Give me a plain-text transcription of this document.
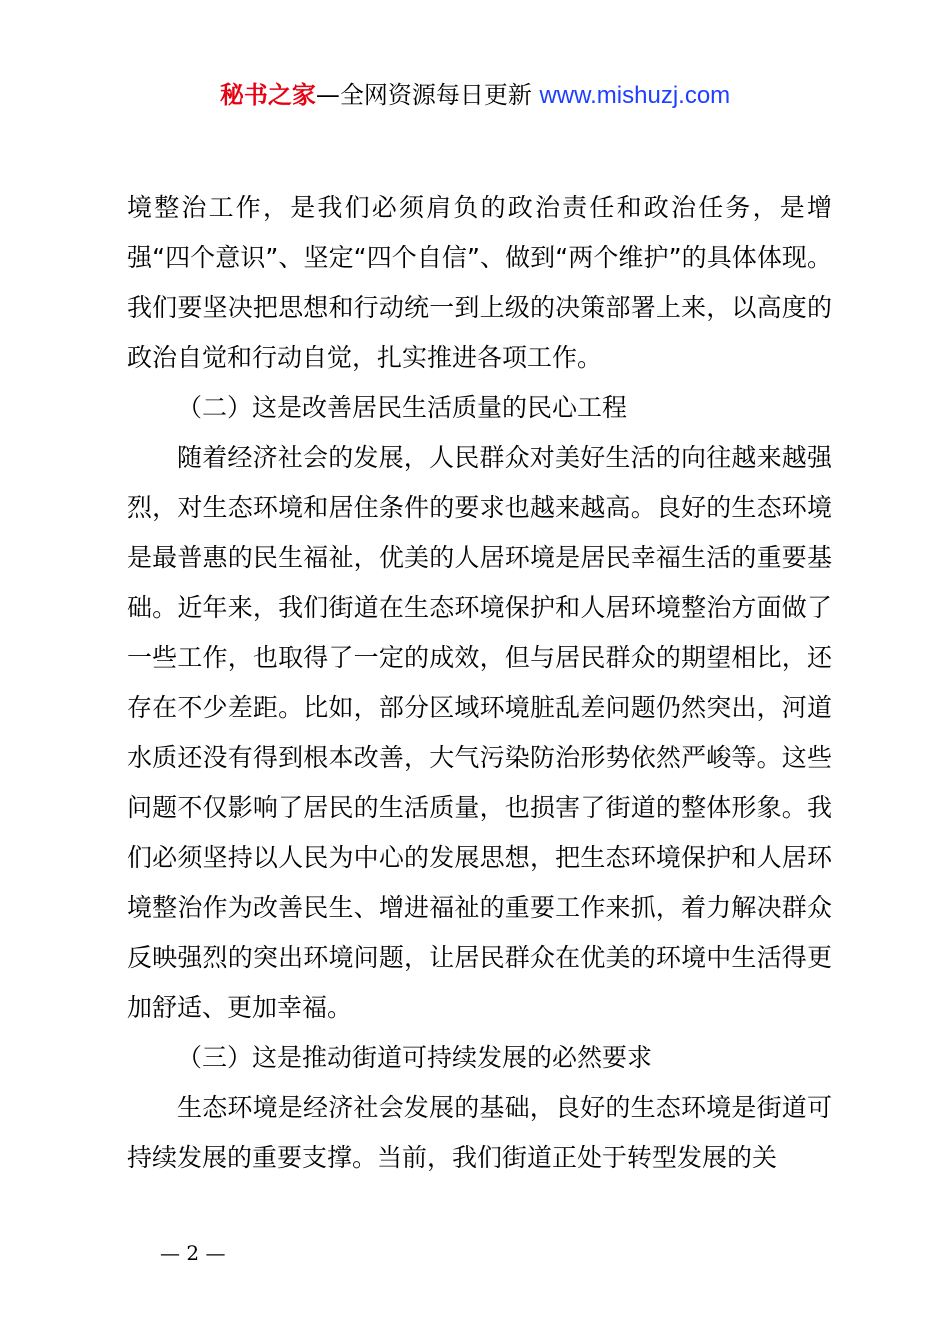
秘书之家—全网资源每日更新 www.mishuzj.com

境整治工作，是我们必须肩负的政治责任和政治任务，是增强“四个意识”、坚定“四个自信”、做到“两个维护”的具体体现。我们要坚决把思想和行动统一到上级的决策部署上来，以高度的政治自觉和行动自觉，扎实推进各项工作。

（二）这是改善居民生活质量的民心工程

随着经济社会的发展，人民群众对美好生活的向往越来越强烈，对生态环境和居住条件的要求也越来越高。良好的生态环境是最普惠的民生福祉，优美的人居环境是居民幸福生活的重要基础。近年来，我们街道在生态环境保护和人居环境整治方面做了一些工作，也取得了一定的成效，但与居民群众的期望相比，还存在不少差距。比如，部分区域环境脏乱差问题仍然突出，河道水质还没有得到根本改善，大气污染防治形势依然严峻等。这些问题不仅影响了居民的生活质量，也损害了街道的整体形象。我们必须坚持以人民为中心的发展思想，把生态环境保护和人居环境整治作为改善民生、增进福祉的重要工作来抓，着力解决群众反映强烈的突出环境问题，让居民群众在优美的环境中生活得更加舒适、更加幸福。

（三）这是推动街道可持续发展的必然要求

生态环境是经济社会发展的基础，良好的生态环境是街道可持续发展的重要支撑。当前，我们街道正处于转型发展的关

— 2 —
